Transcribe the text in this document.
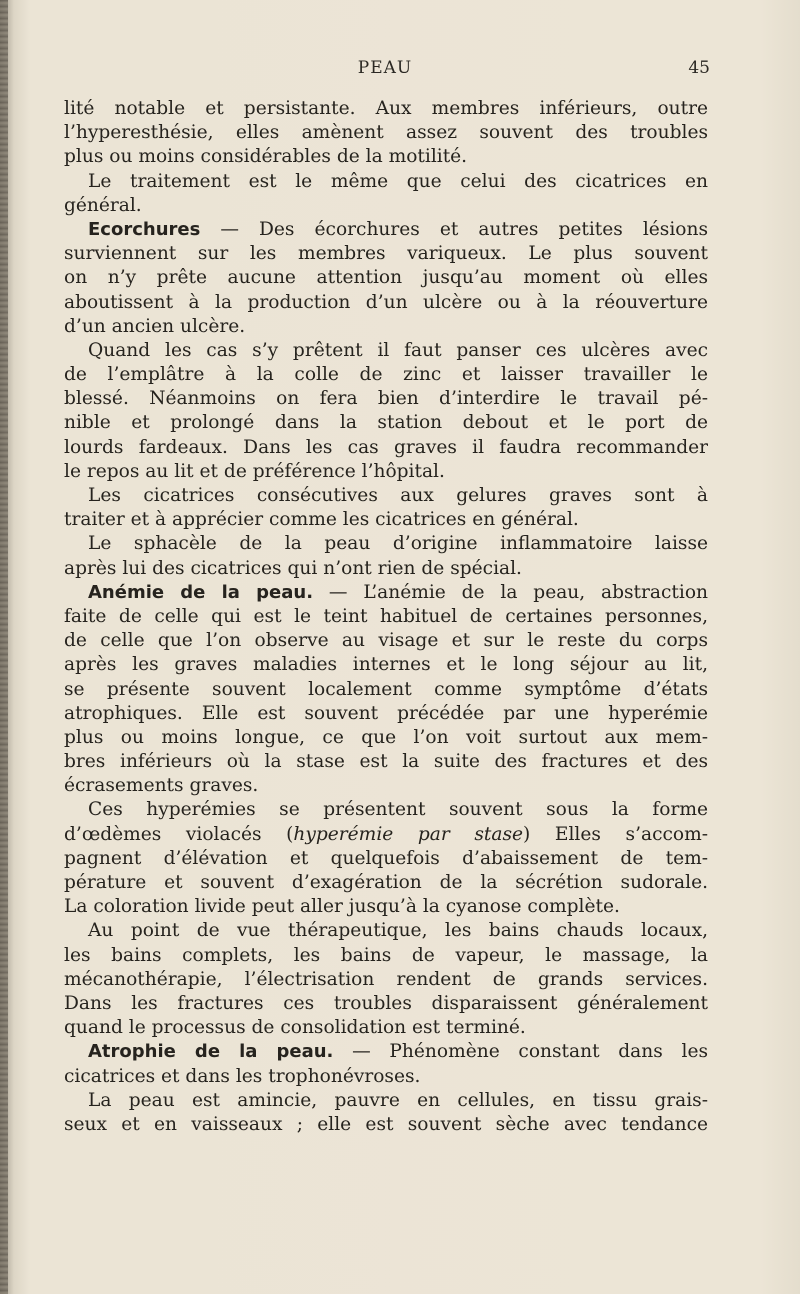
PEAU	45
lité notable et persistante. Aux membres inférieurs, outre
l’hyperesthésie, elles amènent assez souvent des troubles
plus ou moins considérables de la motilité.
Le traitement est le même que celui des cicatrices en
général.
Ecorchures — Des écorchures et autres petites lésions
surviennent sur les membres variqueux. Le plus souvent
on n’y prête aucune attention jusqu’au moment où elles
aboutissent à la production d’un ulcère ou à la réouverture
d’un ancien ulcère.
Quand les cas s’y prêtent il faut panser ces ulcères avec
de l’emplâtre à la colle de zinc et laisser travailler le
blessé. Néanmoins on fera bien d’interdire le travail pé-
nible et prolongé dans la station debout et le port de
lourds fardeaux. Dans les cas graves il faudra recommander
le repos au lit et de préférence l’hôpital.
Les cicatrices consécutives aux gelures graves sont à
traiter et à apprécier comme les cicatrices en général.
Le sphacèle de la peau d’origine inflammatoire laisse
après lui des cicatrices qui n’ont rien de spécial.
Anémie de la peau. — L’anémie de la peau, abstraction
faite de celle qui est le teint habituel de certaines personnes,
de celle que l’on observe au visage et sur le reste du corps
après les graves maladies internes et le long séjour au lit,
se présente souvent localement comme symptôme d’états
atrophiques. Elle est souvent précédée par une hyperémie
plus ou moins longue, ce que l’on voit surtout aux mem-
bres inférieurs où la stase est la suite des fractures et des
écrasements graves.
Ces hyperémies se présentent souvent sous la forme
d’œdèmes violacés (hyperémie par stase) Elles s’accom-
pagnent d’élévation et quelquefois d’abaissement de tem-
pérature et souvent d’exagération de la sécrétion sudorale.
La coloration livide peut aller jusqu’à la cyanose complète.
Au point de vue thérapeutique, les bains chauds locaux,
les bains complets, les bains de vapeur, le massage, la
mécanothérapie, l’électrisation rendent de grands services.
Dans les fractures ces troubles disparaissent généralement
quand le processus de consolidation est terminé.
Atrophie de la peau. — Phénomène constant dans les
cicatrices et dans les trophonévroses.
La peau est amincie, pauvre en cellules, en tissu grais-
seux et en vaisseaux ; elle est souvent sèche avec tendance
